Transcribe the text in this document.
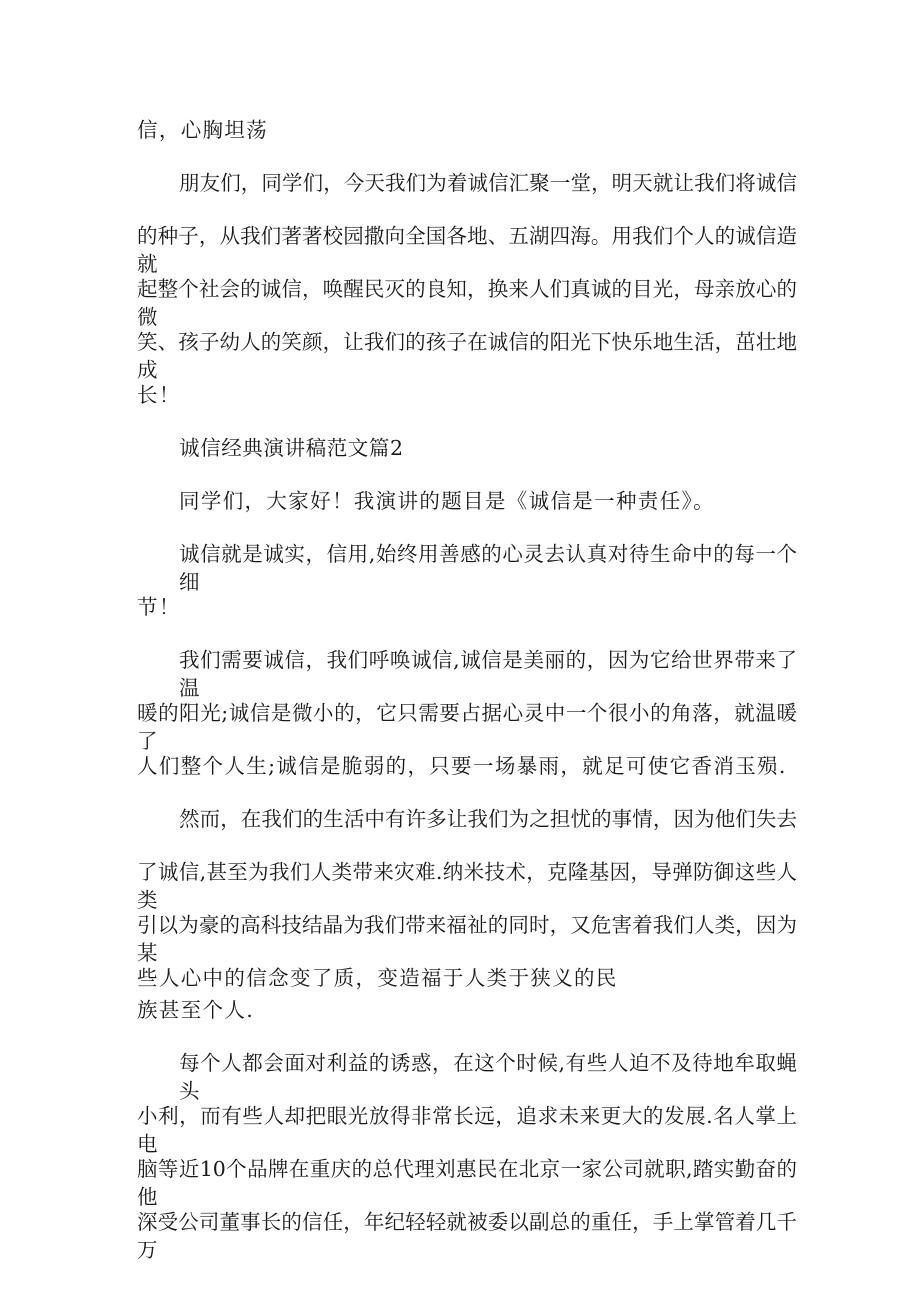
信，心胸坦荡
朋友们，同学们，今天我们为着诚信汇聚一堂，明天就让我们将诚信
的种子，从我们著著校园撒向全国各地、五湖四海。用我们个人的诚信造就
起整个社会的诚信，唤醒民灭的良知，换来人们真诚的目光，母亲放心的微
笑、孩子幼人的笑颜，让我们的孩子在诚信的阳光下快乐地生活，茁壮地成
长！
诚信经典演讲稿范文篇2
同学们，大家好！我演讲的题目是《诚信是一种责任》。
诚信就是诚实，信用,始终用善感的心灵去认真对待生命中的每一个细
节！
我们需要诚信，我们呼唤诚信,诚信是美丽的，因为它给世界带来了温
暖的阳光;诚信是微小的，它只需要占据心灵中一个很小的角落，就温暖了
人们整个人生;诚信是脆弱的，只要一场暴雨，就足可使它香消玉殒.
然而，在我们的生活中有许多让我们为之担忧的事情，因为他们失去
了诚信,甚至为我们人类带来灾难.纳米技术，克隆基因，导弹防御这些人类
引以为豪的高科技结晶为我们带来福祉的同时，又危害着我们人类，因为某
些人心中的信念变了质，变造福于人类于狭义的民
族甚至个人.
每个人都会面对利益的诱惑，在这个时候,有些人迫不及待地牟取蝇头
小利，而有些人却把眼光放得非常长远，追求未来更大的发展.名人掌上电
脑等近10个品牌在重庆的总代理刘惠民在北京一家公司就职,踏实勤奋的他
深受公司董事长的信任，年纪轻轻就被委以副总的重任，手上掌管着几千万
